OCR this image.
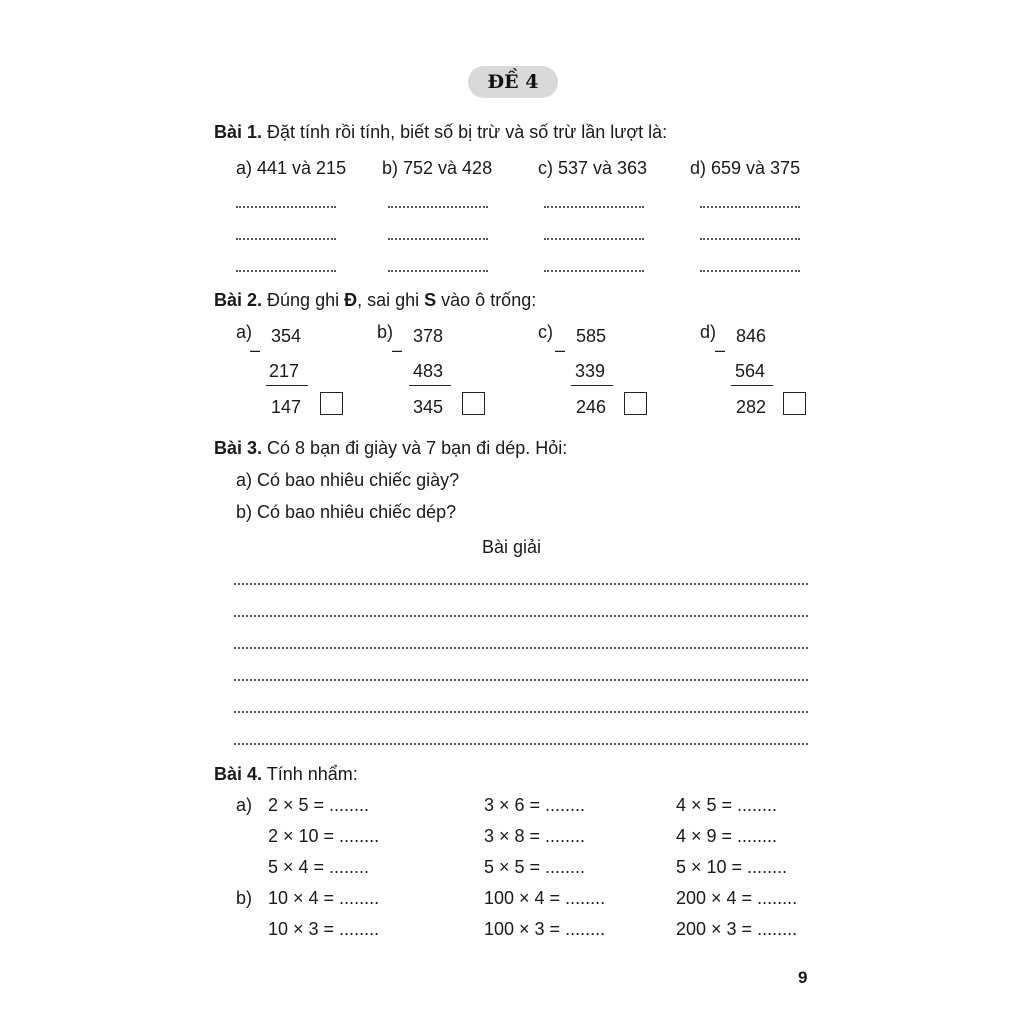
ĐỀ 4
Bài 1. Đặt tính rồi tính, biết số bị trừ và số trừ lần lượt là:
a) 441 và 215 b) 752 và 428	c) 537 và 363 d) 659 và 375
Bài 2. Đúng ghi Đ, sai ghi S vào ô trống:
a)
–
354
217
147
b)
–
378
483
345
c)
–
585
339
246
d)
–
846
564
282
Bài 3. Có 8 bạn đi giày và 7 bạn đi dép. Hỏi:
a) Có bao nhiêu chiếc giày?
b) Có bao nhiêu chiếc dép?
Bài giải
Bài 4. Tính nhẩm:
a)
b)
2 × 5 = ........
2 × 10 = ........
5 × 4 = ........
10 × 4 = ........
10 × 3 = ........
3 × 6 = ........
3 × 8 = ........
5 × 5 = ........
100 × 4 = ........
100 × 3 = ........
4 × 5 = ........
4 × 9 = ........
5 × 10 = ........
200 × 4 = ........
200 × 3 = ........
9
